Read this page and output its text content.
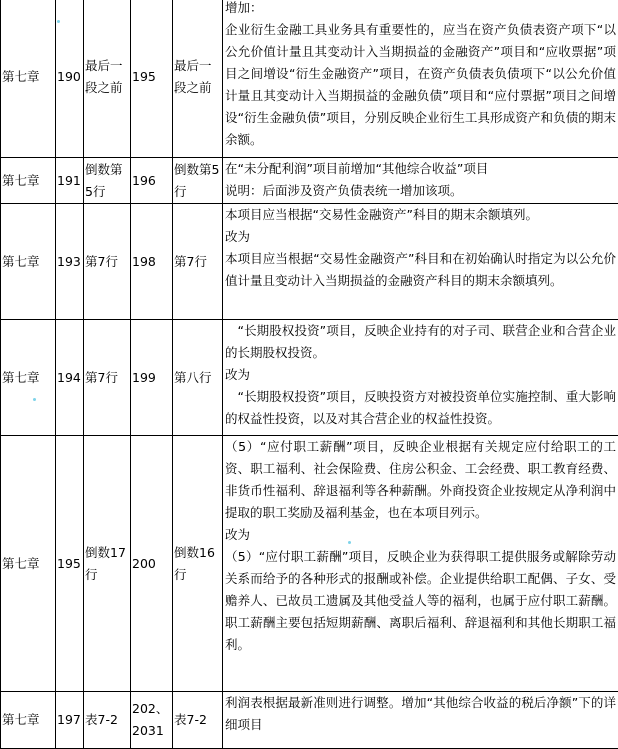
第七章	190	最后一段之前	195	最后一段之前	增加：
企业衍生金融工具业务具有重要性的，应当在资产负债表资产项下“以公允价值计量且其变动计入当期损益的金融资产”项目和“应收票据”项目之间增设“衍生金融资产”项目，在资产负债表负债项下“以公允价值计量且其变动计入当期损益的金融负债”项目和“应付票据”项目之间增设“衍生金融负债”项目，分别反映企业衍生工具形成资产和负债的期末余额。

第七章	191	倒数第5行	196	倒数第5行	在“未分配利润”项目前增加“其他综合收益”项目
说明：后面涉及资产负债表统一增加该项。

第七章	193	第7行	198	第7行	本项目应当根据“交易性金融资产”科目的期末余额填列。
改为
本项目应当根据“交易性金融资产”科目和在初始确认时指定为以公允价值计量且变动计入当期损益的金融资产科目的期末余额填列。

第七章	194	第7行	199	第八行	“长期股权投资”项目，反映企业持有的对子司、联营企业和合营企业的长期股权投资。
改为
“长期股权投资”项目，反映投资方对被投资单位实施控制、重大影响的权益性投资，以及对其合营企业的权益性投资。

第七章	195	倒数17行	200	倒数16行	（5）“应付职工薪酬”项目，反映企业根据有关规定应付给职工的工资、职工福利、社会保险费、住房公积金、工会经费、职工教育经费、非货币性福利、辞退福利等各种薪酬。外商投资企业按规定从净利润中提取的职工奖励及福利基金，也在本项目列示。
改为
（5）“应付职工薪酬”项目，反映企业为获得职工提供服务或解除劳动关系而给予的各种形式的报酬或补偿。企业提供给职工配偶、子女、受赡养人、已故员工遗属及其他受益人等的福利，也属于应付职工薪酬。职工薪酬主要包括短期薪酬、离职后福利、辞退福利和其他长期职工福利。

第七章	197	表7-2	202、2031	表7-2	利润表根据最新准则进行调整。增加“其他综合收益的税后净额”下的详细项目
